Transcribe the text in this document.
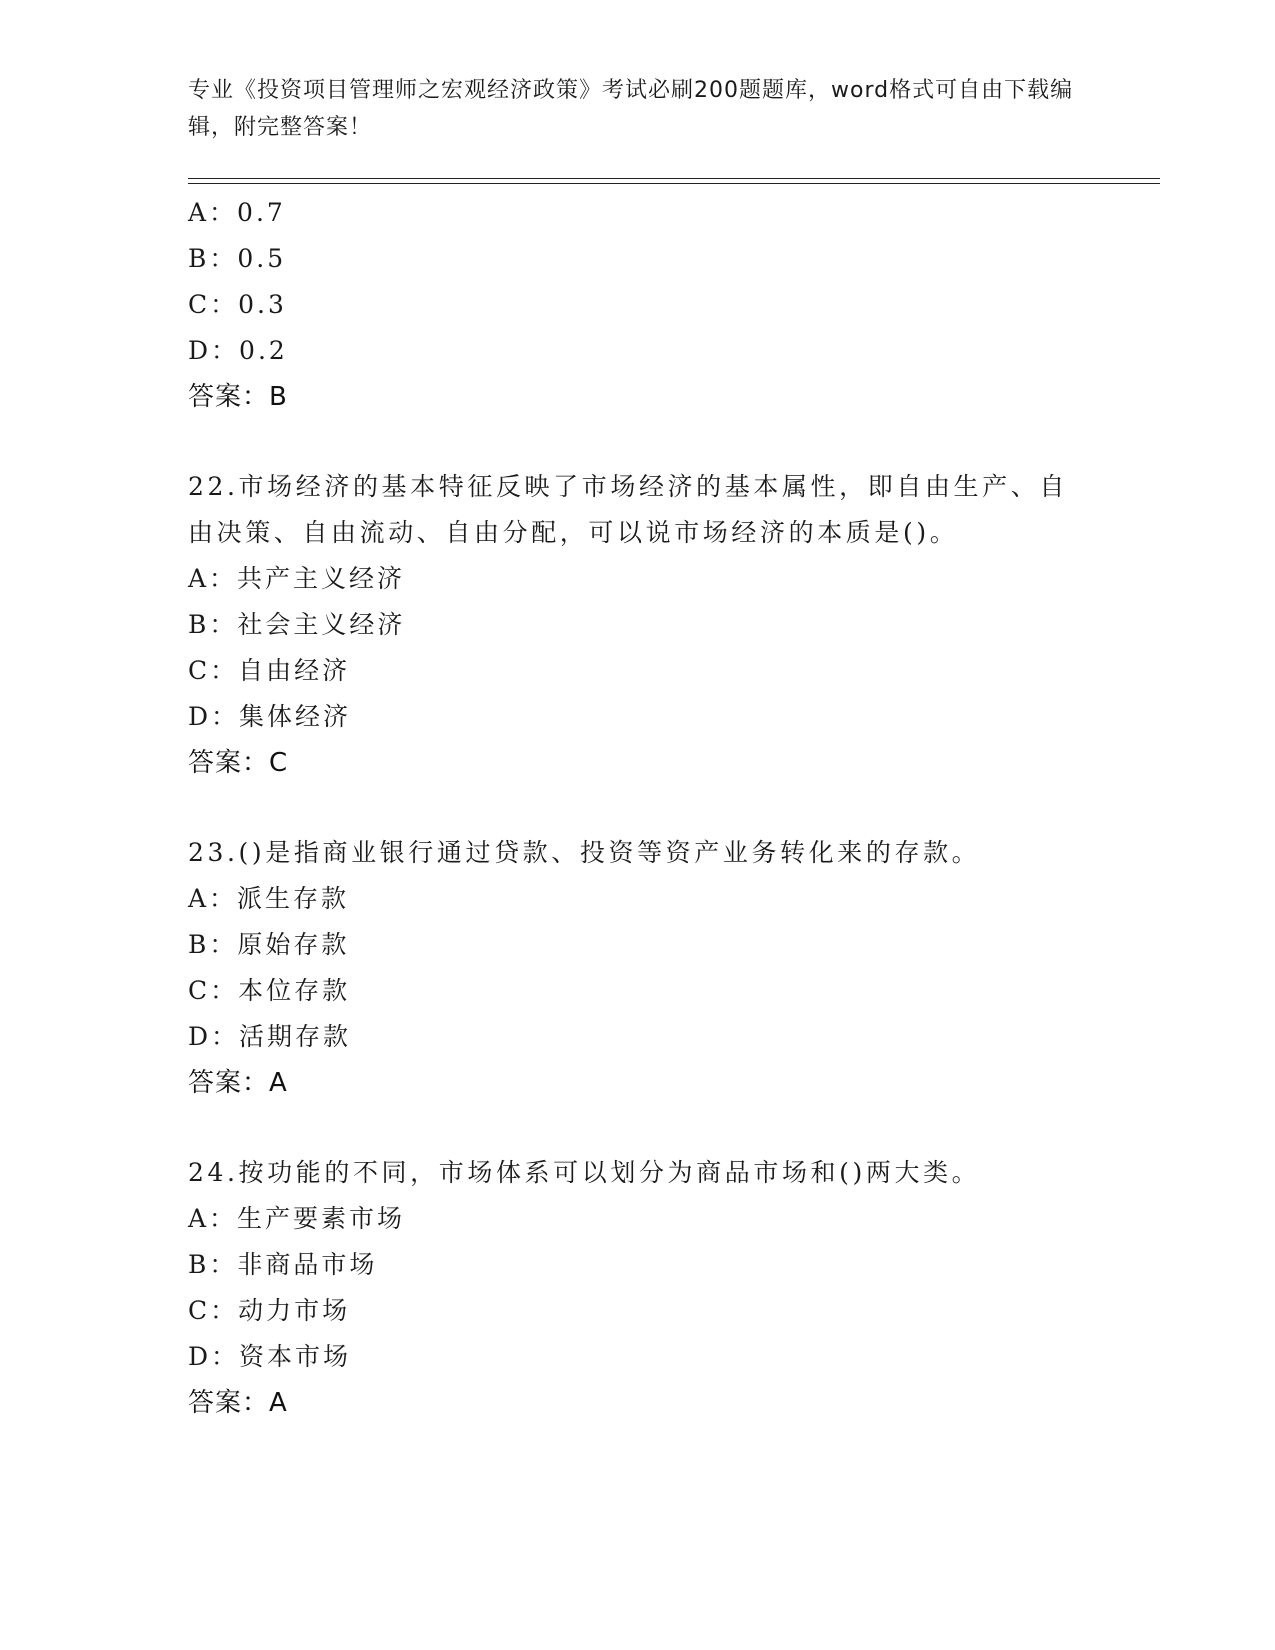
专业《投资项目管理师之宏观经济政策》考试必刷200题题库，word格式可自由下载编辑，附完整答案！
A：0.7
B：0.5
C：0.3
D：0.2
答案：B
22.市场经济的基本特征反映了市场经济的基本属性，即自由生产、自由决策、自由流动、自由分配，可以说市场经济的本质是()。
A：共产主义经济
B：社会主义经济
C：自由经济
D：集体经济
答案：C
23.()是指商业银行通过贷款、投资等资产业务转化来的存款。
A：派生存款
B：原始存款
C：本位存款
D：活期存款
答案：A
24.按功能的不同，市场体系可以划分为商品市场和()两大类。
A：生产要素市场
B：非商品市场
C：动力市场
D：资本市场
答案：A
